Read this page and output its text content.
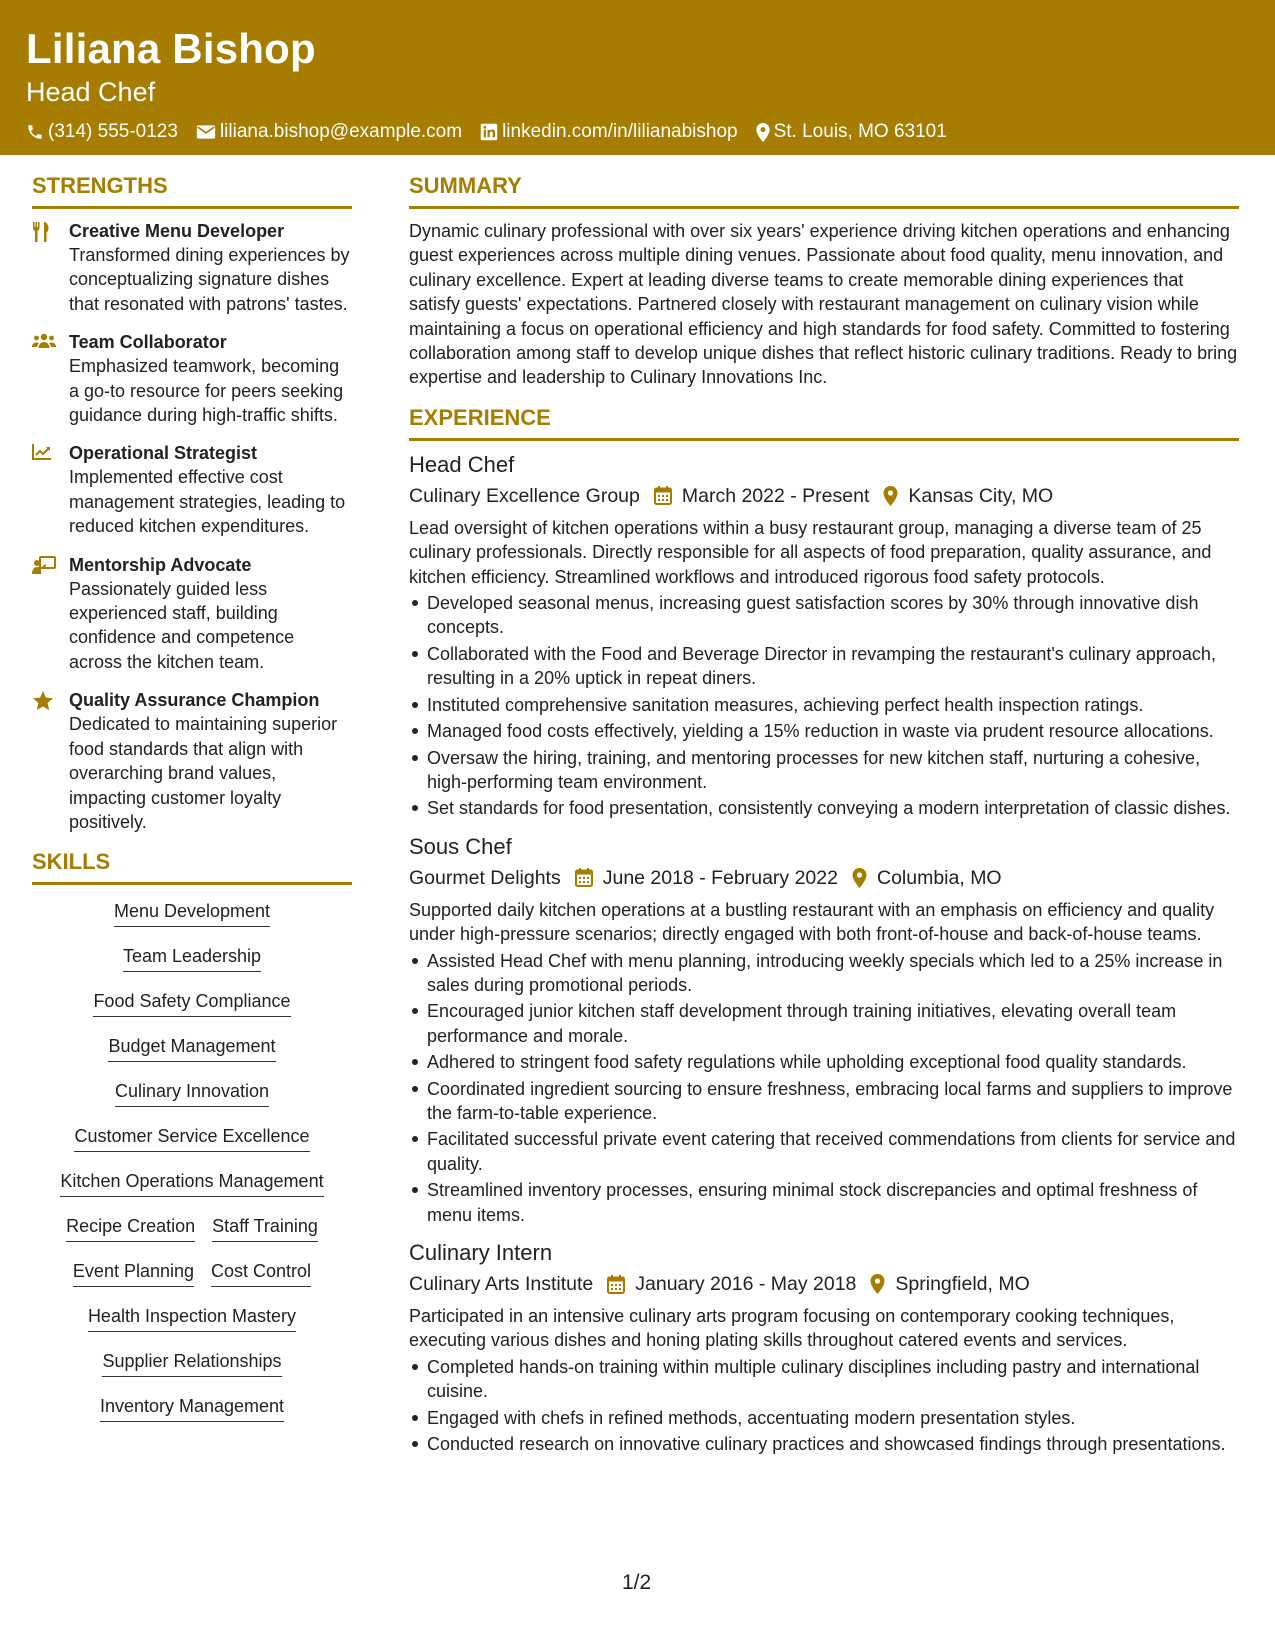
Liliana Bishop
Head Chef
(314) 555-0123 liliana.bishop@example.com linkedin.com/in/lilianabishop St. Louis, MO 63101
STRENGTHS
Creative Menu Developer
Transformed dining experiences by conceptualizing signature dishes that resonated with patrons' tastes.
Team Collaborator
Emphasized teamwork, becoming a go-to resource for peers seeking guidance during high-traffic shifts.
Operational Strategist
Implemented effective cost management strategies, leading to reduced kitchen expenditures.
Mentorship Advocate
Passionately guided less experienced staff, building confidence and competence across the kitchen team.
Quality Assurance Champion
Dedicated to maintaining superior food standards that align with overarching brand values, impacting customer loyalty positively.
SKILLS
Menu Development
Team Leadership
Food Safety Compliance
Budget Management
Culinary Innovation
Customer Service Excellence
Kitchen Operations Management
Recipe Creation Staff Training
Event Planning Cost Control
Health Inspection Mastery
Supplier Relationships
Inventory Management
SUMMARY
Dynamic culinary professional with over six years' experience driving kitchen operations and enhancing guest experiences across multiple dining venues. Passionate about food quality, menu innovation, and culinary excellence. Expert at leading diverse teams to create memorable dining experiences that satisfy guests' expectations. Partnered closely with restaurant management on culinary vision while maintaining a focus on operational efficiency and high standards for food safety. Committed to fostering collaboration among staff to develop unique dishes that reflect historic culinary traditions. Ready to bring expertise and leadership to Culinary Innovations Inc.
EXPERIENCE
Head Chef
Culinary Excellence Group March 2022 - Present Kansas City, MO
Lead oversight of kitchen operations within a busy restaurant group, managing a diverse team of 25 culinary professionals. Directly responsible for all aspects of food preparation, quality assurance, and kitchen efficiency. Streamlined workflows and introduced rigorous food safety protocols.
Developed seasonal menus, increasing guest satisfaction scores by 30% through innovative dish concepts.
Collaborated with the Food and Beverage Director in revamping the restaurant's culinary approach, resulting in a 20% uptick in repeat diners.
Instituted comprehensive sanitation measures, achieving perfect health inspection ratings.
Managed food costs effectively, yielding a 15% reduction in waste via prudent resource allocations.
Oversaw the hiring, training, and mentoring processes for new kitchen staff, nurturing a cohesive, high-performing team environment.
Set standards for food presentation, consistently conveying a modern interpretation of classic dishes.
Sous Chef
Gourmet Delights June 2018 - February 2022 Columbia, MO
Supported daily kitchen operations at a bustling restaurant with an emphasis on efficiency and quality under high-pressure scenarios; directly engaged with both front-of-house and back-of-house teams.
Assisted Head Chef with menu planning, introducing weekly specials which led to a 25% increase in sales during promotional periods.
Encouraged junior kitchen staff development through training initiatives, elevating overall team performance and morale.
Adhered to stringent food safety regulations while upholding exceptional food quality standards.
Coordinated ingredient sourcing to ensure freshness, embracing local farms and suppliers to improve the farm-to-table experience.
Facilitated successful private event catering that received commendations from clients for service and quality.
Streamlined inventory processes, ensuring minimal stock discrepancies and optimal freshness of menu items.
Culinary Intern
Culinary Arts Institute January 2016 - May 2018 Springfield, MO
Participated in an intensive culinary arts program focusing on contemporary cooking techniques, executing various dishes and honing plating skills throughout catered events and services.
Completed hands-on training within multiple culinary disciplines including pastry and international cuisine.
Engaged with chefs in refined methods, accentuating modern presentation styles.
Conducted research on innovative culinary practices and showcased findings through presentations.
1/2
